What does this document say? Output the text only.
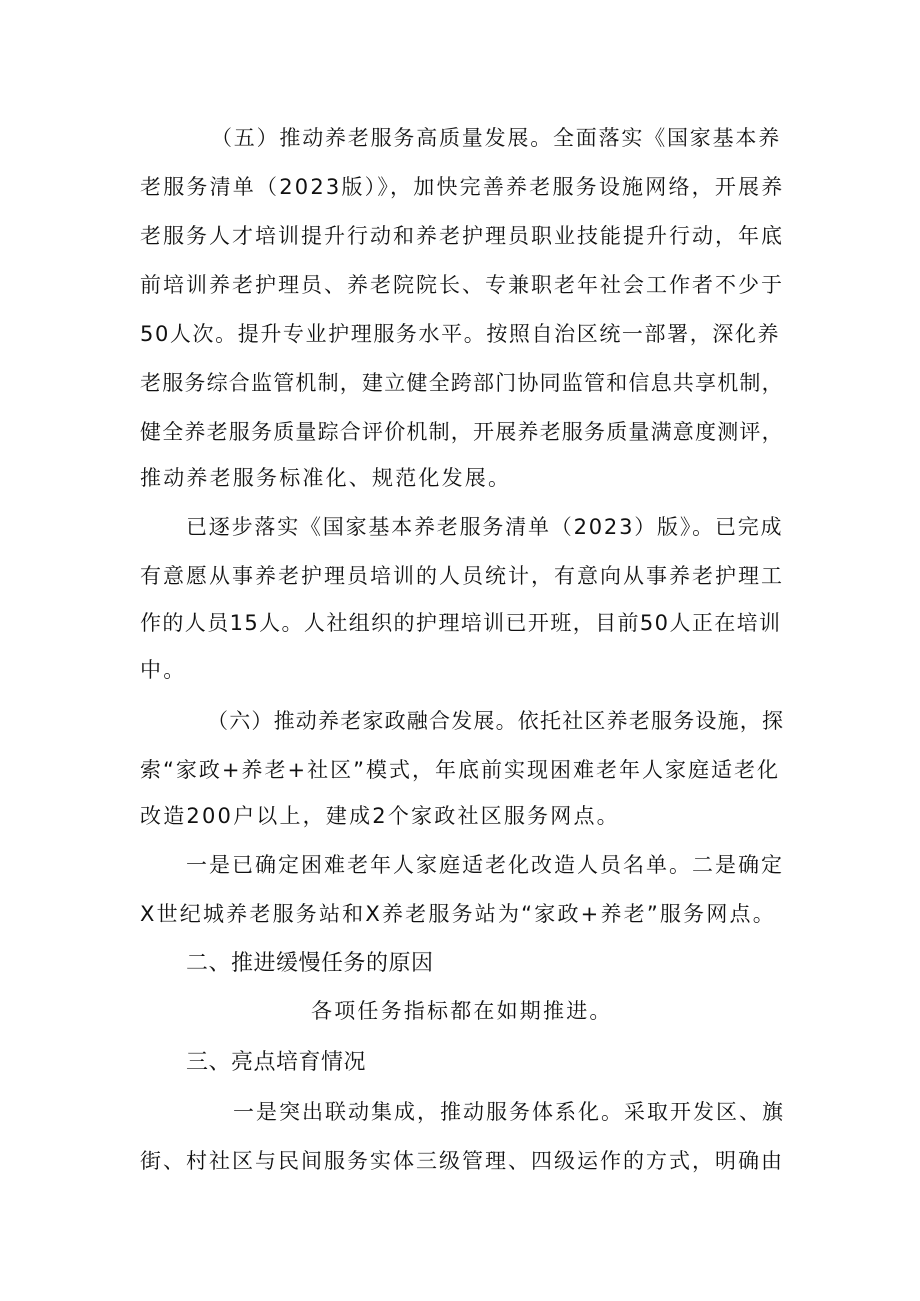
（五）推动养老服务高质量发展。全面落实《国家基本养
老服务清单（2023版）》，加快完善养老服务设施网络，开展养
老服务人才培训提升行动和养老护理员职业技能提升行动，年底
前培训养老护理员、养老院院长、专兼职老年社会工作者不少于
50人次。提升专业护理服务水平。按照自治区统一部署，深化养
老服务综合监管机制，建立健全跨部门协同监管和信息共享机制，
健全养老服务质量踪合评价机制，开展养老服务质量满意度测评，
推动养老服务标准化、规范化发展。
已逐步落实《国家基本养老服务清单（2023）版》。已完成
有意愿从事养老护理员培训的人员统计，有意向从事养老护理工
作的人员15人。人社组织的护理培训已开班，目前50人正在培训
中。
（六）推动养老家政融合发展。依托社区养老服务设施，探
索“家政+养老+社区”模式，年底前实现困难老年人家庭适老化
改造200户以上，建成2个家政社区服务网点。
一是已确定困难老年人家庭适老化改造人员名单。二是确定
X世纪城养老服务站和X养老服务站为“家政+养老”服务网点。
二、推进缓慢任务的原因
各项任务指标都在如期推进。
三、亮点培育情况
一是突出联动集成，推动服务体系化。采取开发区、旗
街、村社区与民间服务实体三级管理、四级运作的方式，明确由
